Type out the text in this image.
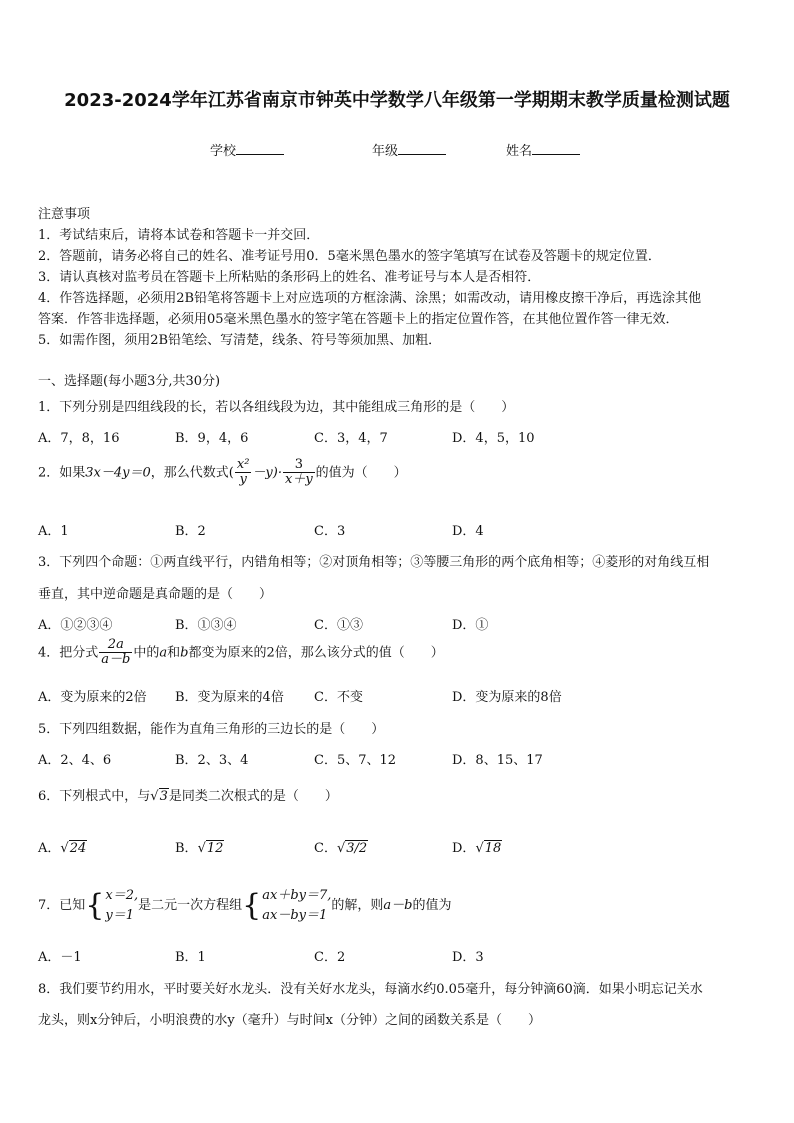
2023-2024学年江苏省南京市钟英中学数学八年级第一学期期末教学质量检测试题
学校	年级	姓名
注意事项
1．考试结束后，请将本试卷和答题卡一并交回．
2．答题前，请务必将自己的姓名、准考证号用0．5毫米黑色墨水的签字笔填写在试卷及答题卡的规定位置．
3．请认真核对监考员在答题卡上所粘贴的条形码上的姓名、准考证号与本人是否相符．
4．作答选择题，必须用2B铅笔将答题卡上对应选项的方框涂满、涂黑；如需改动，请用橡皮擦干净后，再选涂其他
答案．作答非选择题，必须用05毫米黑色墨水的签字笔在答题卡上的指定位置作答，在其他位置作答一律无效．
5．如需作图，须用2B铅笔绘、写清楚，线条、符号等须加黑、加粗．
一、选择题(每小题3分,共30分)
1．下列分别是四组线段的长，若以各组线段为边，其中能组成三角形的是（　　）
A．7，8，16	B．9，4，6	C．3，4，7	D．4，5，10
2．如果3x－4y＝0，那么代数式( $\frac{\text{x²}}{y} -y)\cdot \frac{3}{x+y}$ 的值为（　　）
A．1	B．2	C．3	D．4
3．下列四个命题：①两直线平行，内错角相等；②对顶角相等；③等腰三角形的两个底角相等；④菱形的对角线互相
垂直，其中逆命题是真命题的是（　　）
A．①②③④	B．①③④	C．①③	D．①
4．把分式 $\frac{2a}{a-b}$ 中的a和b都变为原来的2倍，那么该分式的值（　　）
A．变为原来的2倍 B．变为原来的4倍 C．不变	D．变为原来的8倍
5．下列四组数据，能作为直角三角形的三边长的是（　　）
A．2、4、6	B．2、3、4	C．5、7、12	D．8、15、17
6．下列根式中，与√3是同类二次根式的是（　　）
A．√24	B．√12	C．√3/2	D．√18
7．已知{ x＝2,
y＝1
是二元一次方程组{ ax＋by＝7,
ax－by＝1
的解，则a－b的值为
A．－1	B．1	C．2	D．3
8．我们要节约用水，平时要关好水龙头．没有关好水龙头，每滴水约0.05毫升，每分钟滴60滴．如果小明忘记关水
龙头，则x分钟后，小明浪费的水y（毫升）与时间x（分钟）之间的函数关系是（　　）
